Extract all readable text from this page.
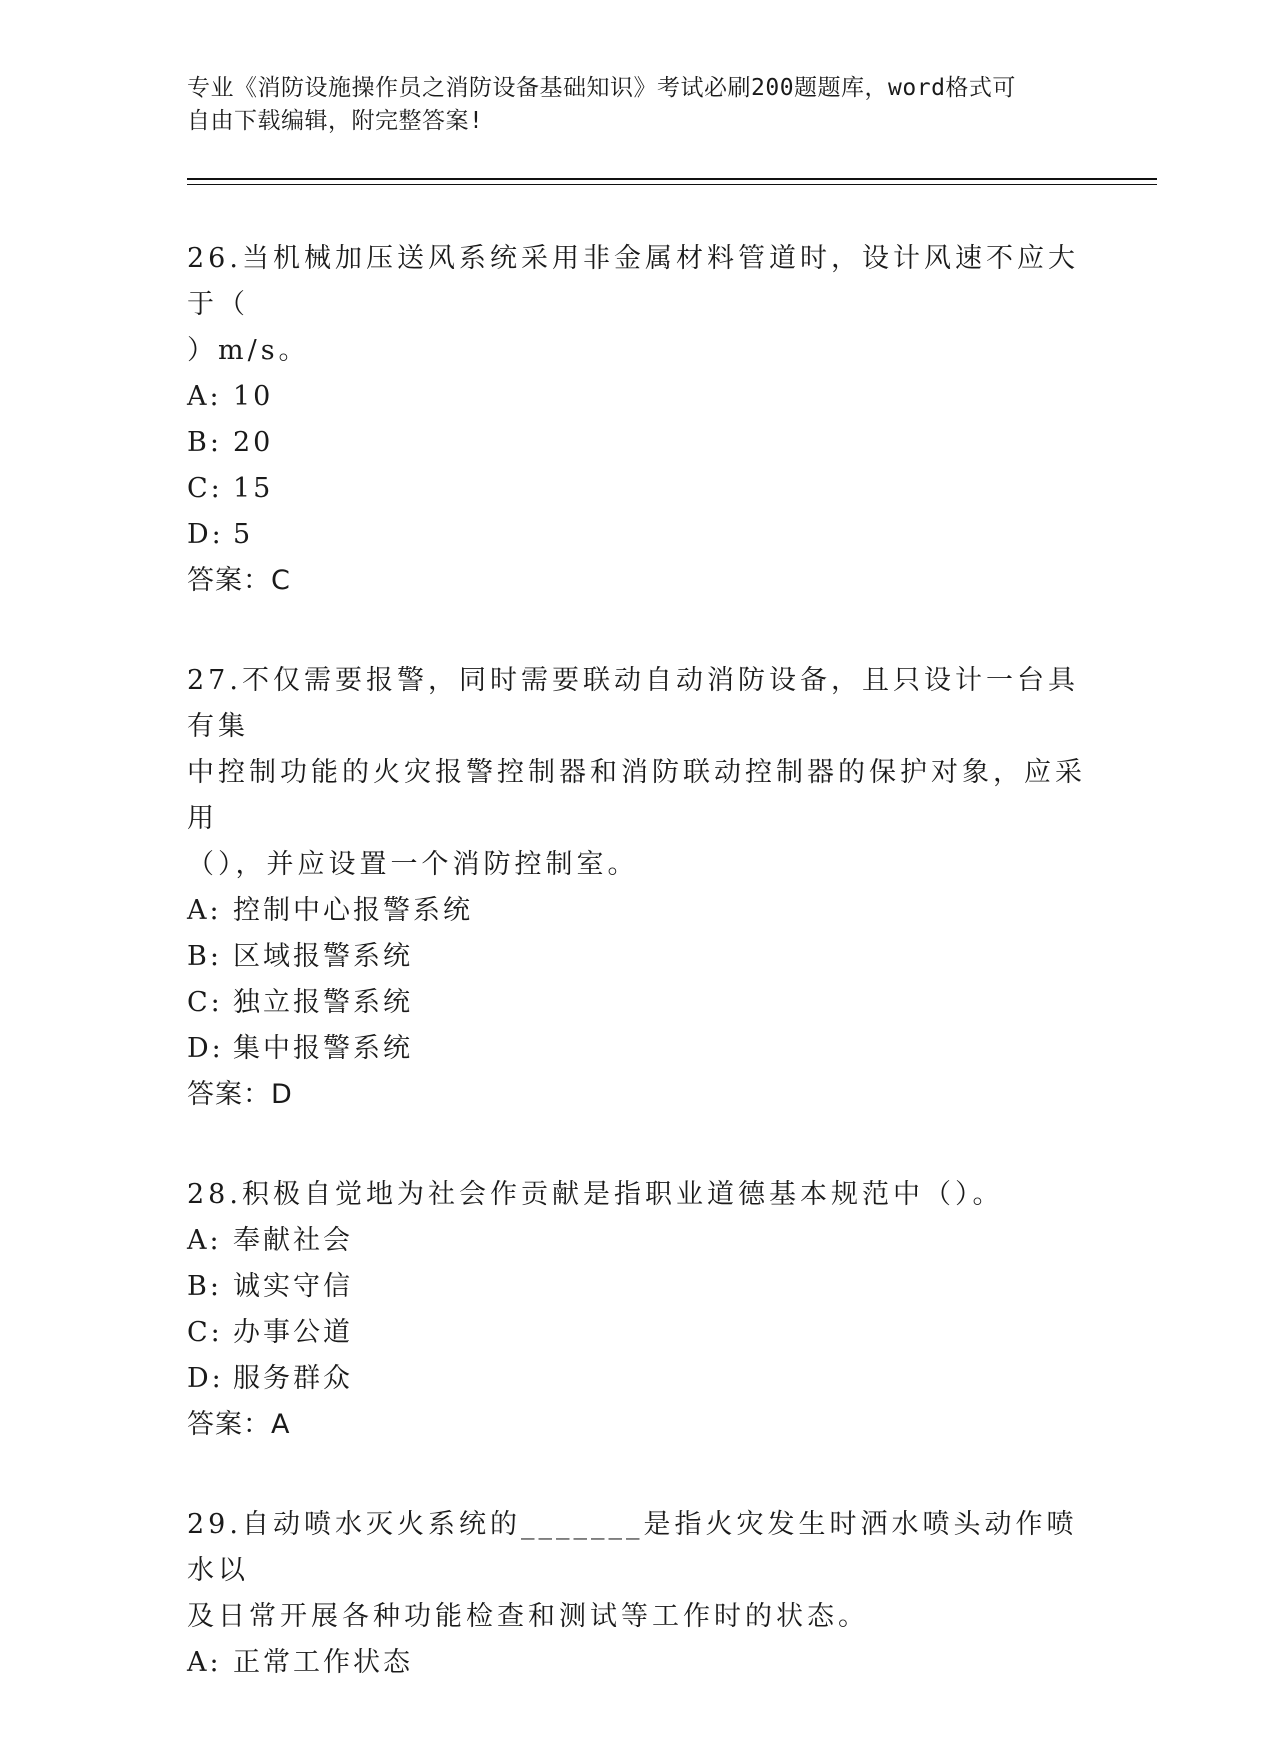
专业《消防设施操作员之消防设备基础知识》考试必刷200题题库，word格式可
自由下载编辑，附完整答案!

26.当机械加压送风系统采用非金属材料管道时，设计风速不应大于（

）m/s。

A: 10

B: 20

C: 15

D: 5

答案：C

27.不仅需要报警，同时需要联动自动消防设备，且只设计一台具有集

中控制功能的火灾报警控制器和消防联动控制器的保护对象，应采用

（），并应设置一个消防控制室。

A: 控制中心报警系统

B: 区域报警系统

C: 独立报警系统

D: 集中报警系统

答案：D

28.积极自觉地为社会作贡献是指职业道德基本规范中（）。

A: 奉献社会

B: 诚实守信

C: 办事公道

D: 服务群众

答案：A

29.自动喷水灭火系统的_______是指火灾发生时洒水喷头动作喷水以

及日常开展各种功能检查和测试等工作时的状态。

A: 正常工作状态
